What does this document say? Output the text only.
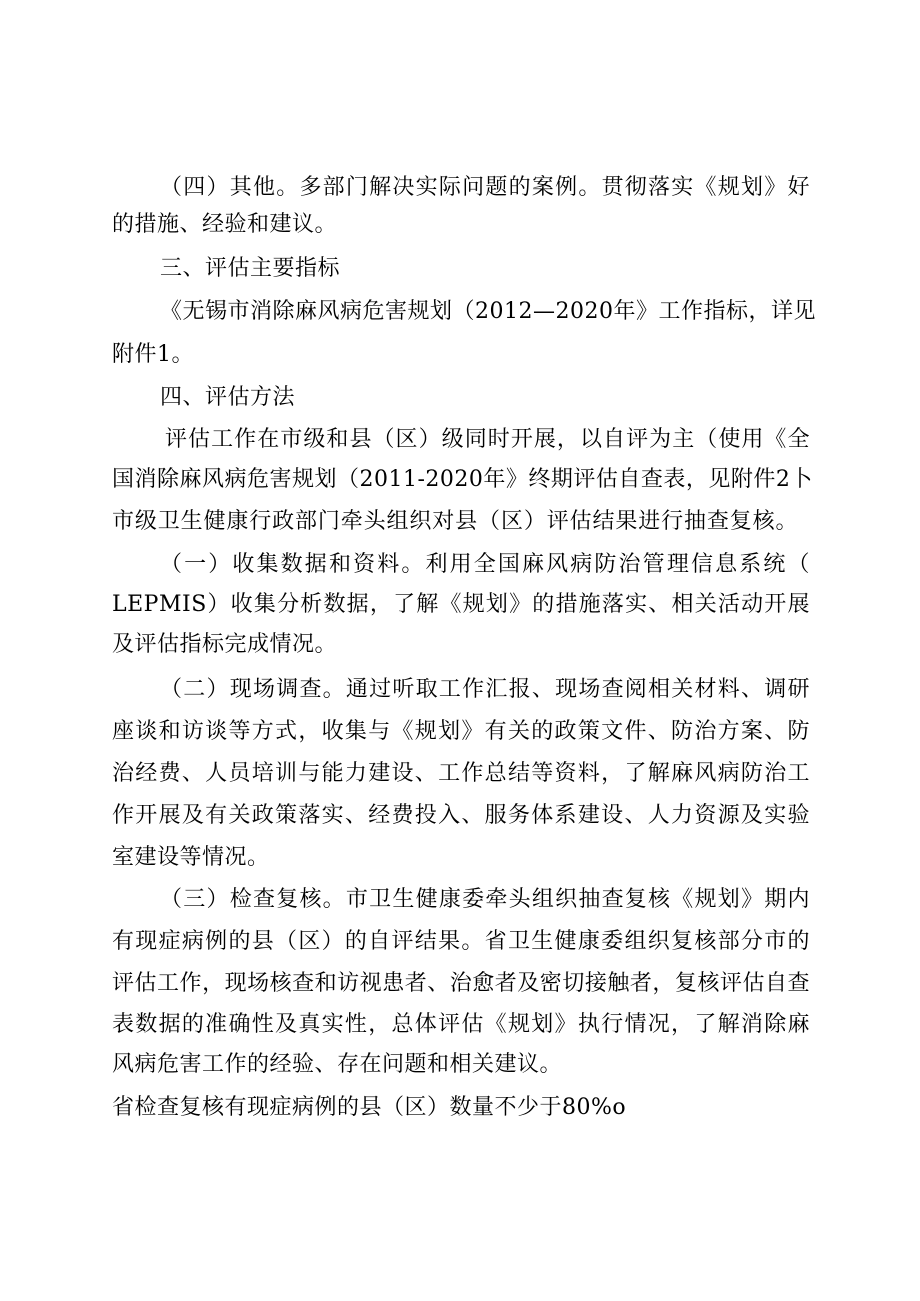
（四）其他。多部门解决实际问题的案例。贯彻落实《规划》好
的措施、经验和建议。
三、评估主要指标
《无锡市消除麻风病危害规划（2012—2020年》工作指标，详见
附件1。
四、评估方法
评估工作在市级和县（区）级同时开展，以自评为主（使用《全
国消除麻风病危害规划（2011-2020年》终期评估自查表，见附件2卜
市级卫生健康行政部门牵头组织对县（区）评估结果进行抽查复核。
（一）收集数据和资料。利用全国麻风病防治管理信息系统（
LEPMIS）收集分析数据，了解《规划》的措施落实、相关活动开展
及评估指标完成情况。
（二）现场调查。通过听取工作汇报、现场查阅相关材料、调研
座谈和访谈等方式，收集与《规划》有关的政策文件、防治方案、防
治经费、人员培训与能力建设、工作总结等资料，了解麻风病防治工
作开展及有关政策落实、经费投入、服务体系建设、人力资源及实验
室建设等情况。
（三）检查复核。市卫生健康委牵头组织抽查复核《规划》期内
有现症病例的县（区）的自评结果。省卫生健康委组织复核部分市的
评估工作，现场核查和访视患者、治愈者及密切接触者，复核评估自查
表数据的准确性及真实性，总体评估《规划》执行情况，了解消除麻
风病危害工作的经验、存在问题和相关建议。
省检查复核有现症病例的县（区）数量不少于80%o
